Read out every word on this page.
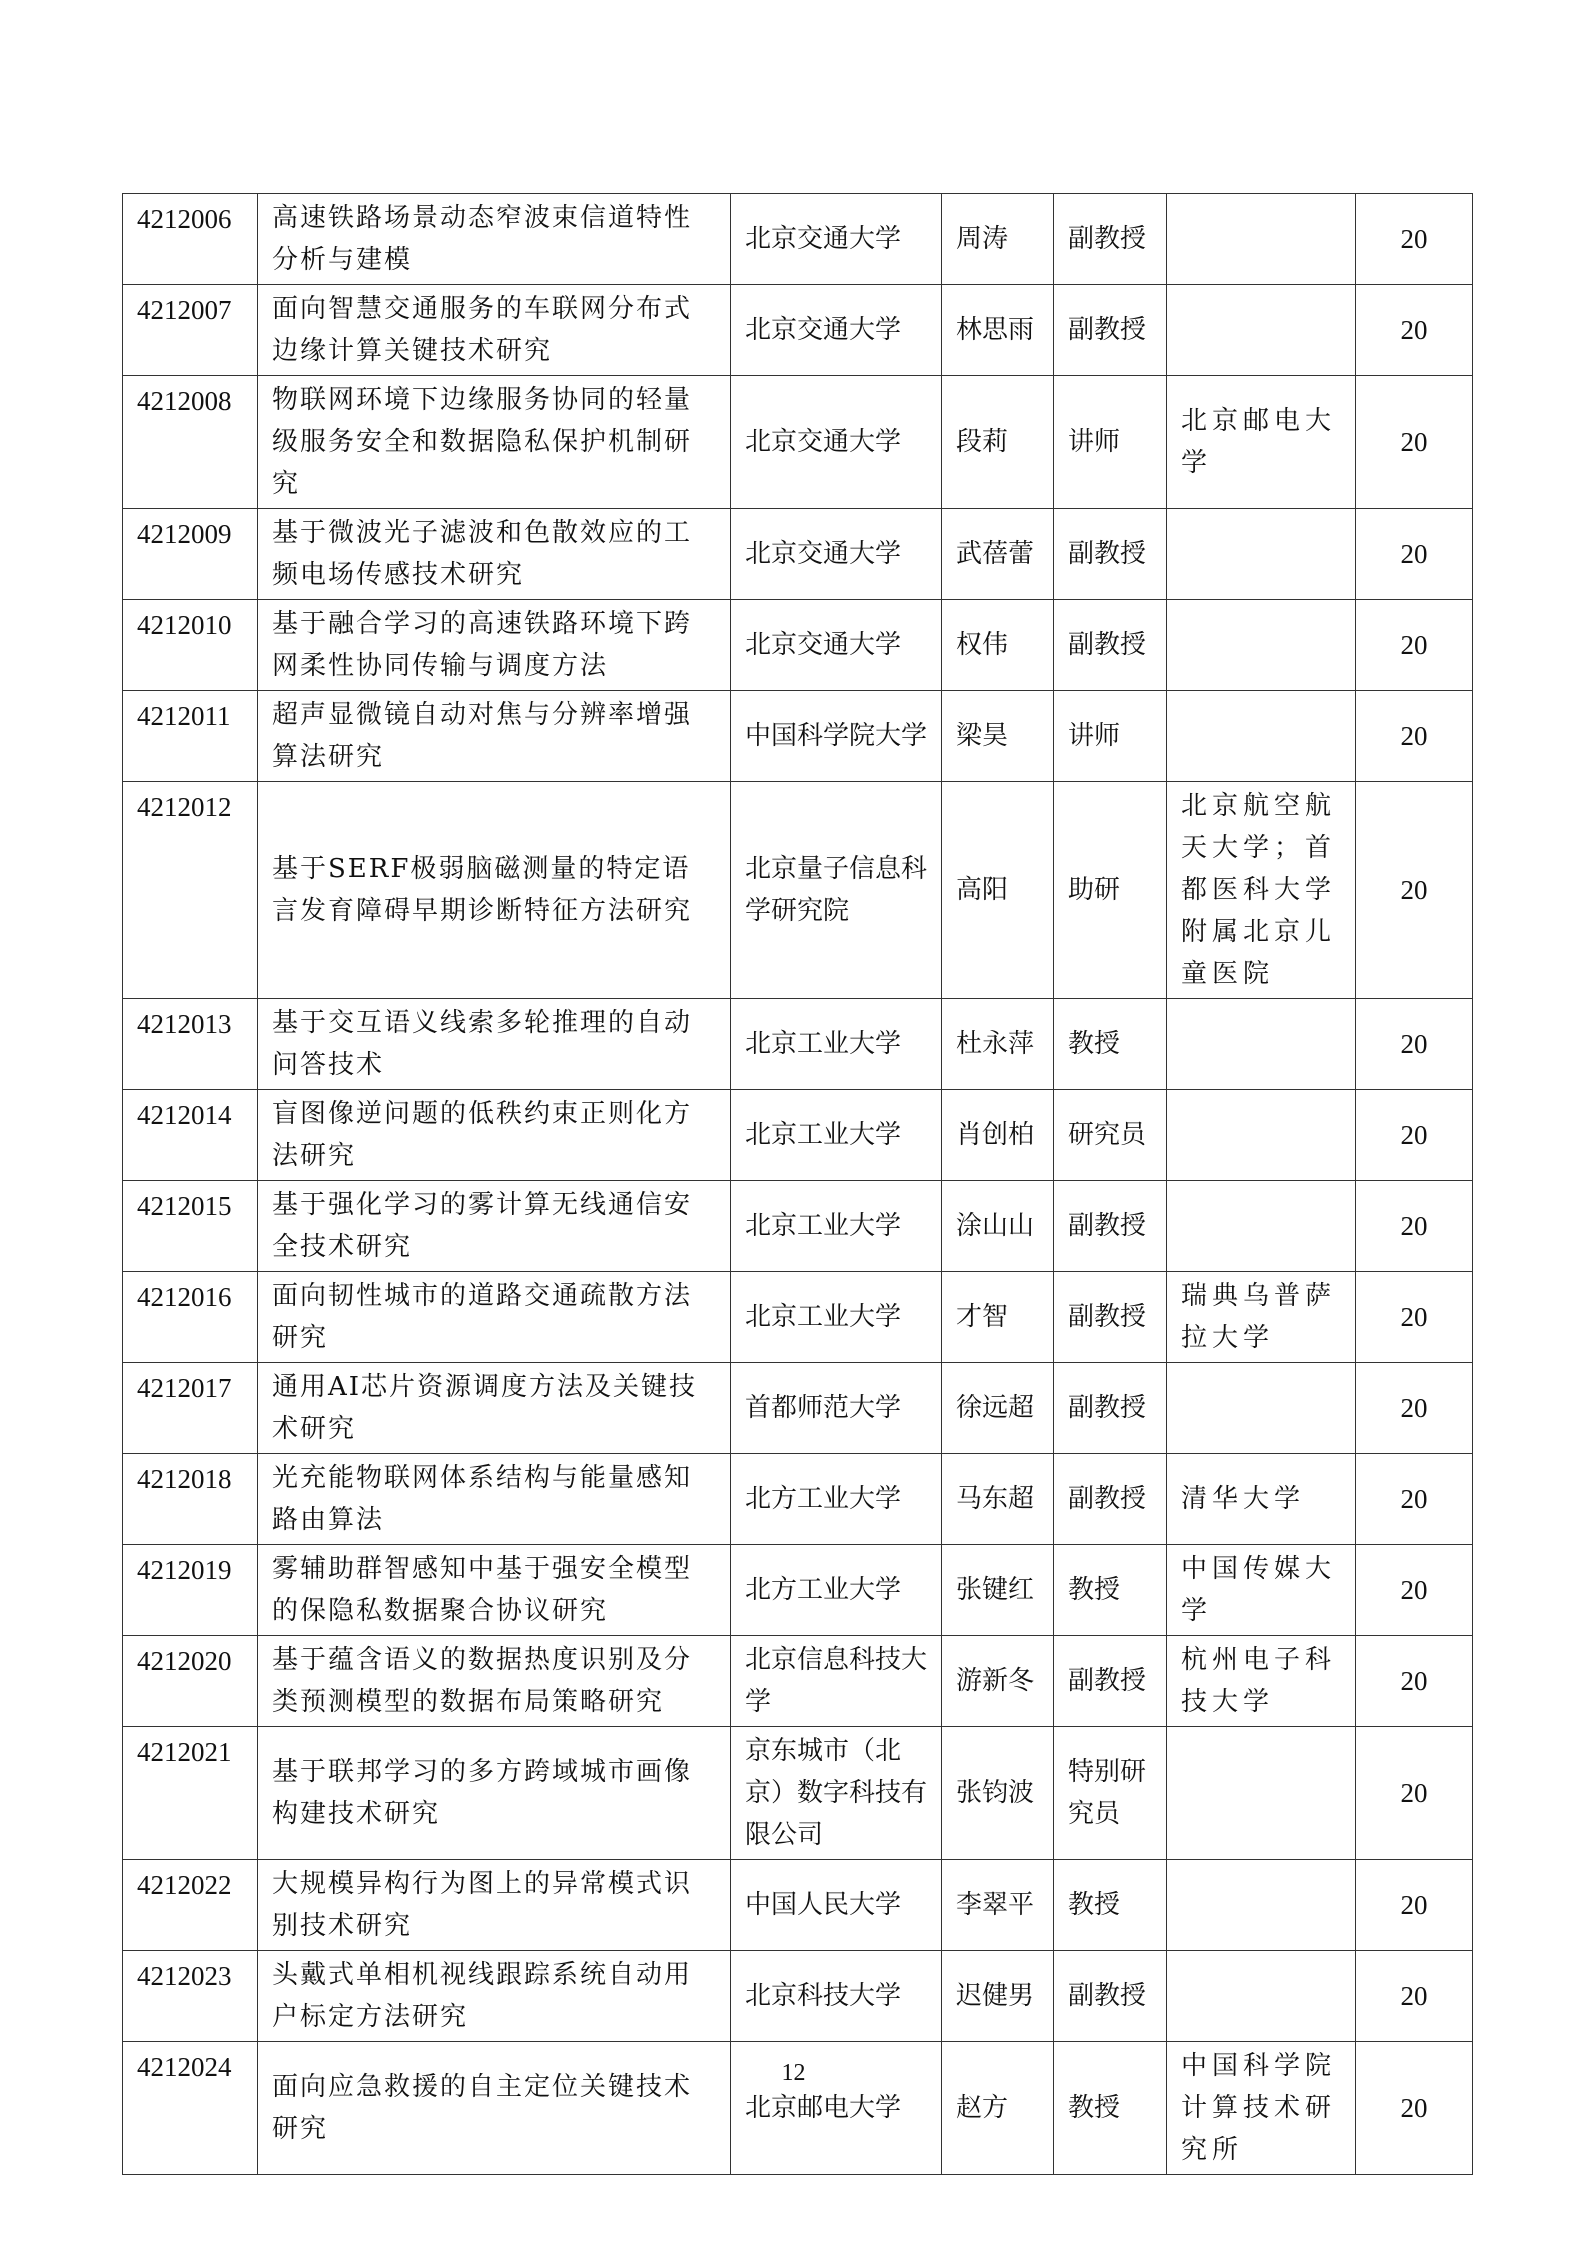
4212006	高速铁路场景动态窄波束信道特性分析与建模	北京交通大学	周涛	副教授		20
4212007	面向智慧交通服务的车联网分布式边缘计算关键技术研究	北京交通大学	林思雨	副教授		20
4212008	物联网环境下边缘服务协同的轻量级服务安全和数据隐私保护机制研究	北京交通大学	段莉	讲师	北京邮电大学	20
4212009	基于微波光子滤波和色散效应的工频电场传感技术研究	北京交通大学	武蓓蕾	副教授		20
4212010	基于融合学习的高速铁路环境下跨网柔性协同传输与调度方法	北京交通大学	权伟	副教授		20
4212011	超声显微镜自动对焦与分辨率增强算法研究	中国科学院大学	梁昊	讲师		20
4212012	基于SERF极弱脑磁测量的特定语言发育障碍早期诊断特征方法研究	北京量子信息科学研究院	高阳	助研	北京航空航天大学；首都医科大学附属北京儿童医院	20
4212013	基于交互语义线索多轮推理的自动问答技术	北京工业大学	杜永萍	教授		20
4212014	盲图像逆问题的低秩约束正则化方法研究	北京工业大学	肖创柏	研究员		20
4212015	基于强化学习的雾计算无线通信安全技术研究	北京工业大学	涂山山	副教授		20
4212016	面向韧性城市的道路交通疏散方法研究	北京工业大学	才智	副教授	瑞典乌普萨拉大学	20
4212017	通用AI芯片资源调度方法及关键技术研究	首都师范大学	徐远超	副教授		20
4212018	光充能物联网体系结构与能量感知路由算法	北方工业大学	马东超	副教授	清华大学	20
4212019	雾辅助群智感知中基于强安全模型的保隐私数据聚合协议研究	北方工业大学	张键红	教授	中国传媒大学	20
4212020	基于蕴含语义的数据热度识别及分类预测模型的数据布局策略研究	北京信息科技大学	游新冬	副教授	杭州电子科技大学	20
4212021	基于联邦学习的多方跨域城市画像构建技术研究	京东城市（北京）数字科技有限公司	张钧波	特别研究员		20
4212022	大规模异构行为图上的异常模式识别技术研究	中国人民大学	李翠平	教授		20
4212023	头戴式单相机视线跟踪系统自动用户标定方法研究	北京科技大学	迟健男	副教授		20
4212024	面向应急救援的自主定位关键技术研究	北京邮电大学	赵方	教授	中国科学院计算技术研究所	20
12
